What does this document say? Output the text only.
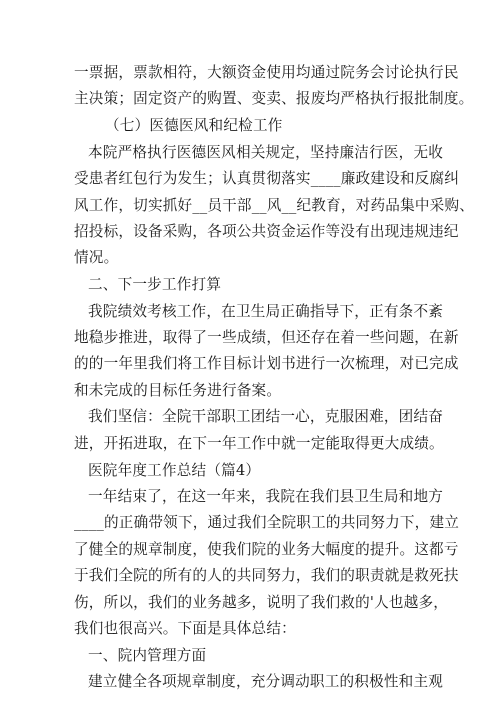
一票据，票款相符，大额资金使用均通过院务会讨论执行民
主决策；固定资产的购置、变卖、报废均严格执行报批制度。
（七）医德医风和纪检工作
本院严格执行医德医风相关规定，坚持廉洁行医，无收
受患者红包行为发生；认真贯彻落实____廉政建设和反腐纠
风工作，切实抓好__员干部__风__纪教育，对药品集中采购、
招投标，设备采购，各项公共资金运作等没有出现违规违纪
情况。
二、下一步工作打算
我院绩效考核工作，在卫生局正确指导下，正有条不紊
地稳步推进，取得了一些成绩，但还存在着一些问题，在新
的的一年里我们将工作目标计划书进行一次梳理，对已完成
和未完成的目标任务进行备案。
我们坚信：全院干部职工团结一心，克服困难，团结奋
进，开拓进取，在下一年工作中就一定能取得更大成绩。
医院年度工作总结（篇4）
一年结束了，在这一年来，我院在我们县卫生局和地方
____的正确带领下，通过我们全院职工的共同努力下，建立
了健全的规章制度，使我们院的业务大幅度的提升。这都亏
于我们全院的所有的人的共同努力，我们的职责就是救死扶
伤，所以，我们的业务越多，说明了我们救的'人也越多，
我们也很高兴。下面是具体总结：
一、院内管理方面
建立健全各项规章制度，充分调动职工的积极性和主观
